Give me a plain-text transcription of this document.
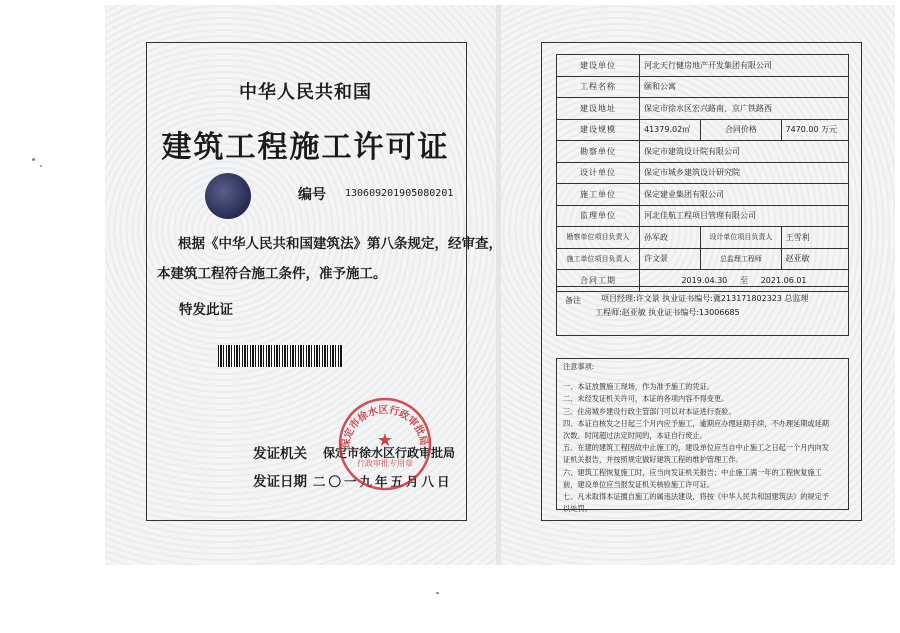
中华人民共和国
建筑工程施工许可证
编号 130609201905080201
根据《中华人民共和国建筑法》第八条规定，经审查，
本建筑工程符合施工条件，准予施工。
特发此证
发证机关 保定市徐水区行政审批局
发证日期 二〇一九年五月八日
保定市徐水区行政审批局
★
行政审批专用章
建设单位	河北天行健房地产开发集团有限公司		
工程名称	颐和公寓		
建设地址	保定市徐水区宏兴路南、京广铁路西		
建设规模	41379.02㎡	合同价格	7470.00 万元
勘察单位	保定市建筑设计院有限公司		
设计单位	保定市城乡建筑设计研究院		
施工单位	保定建业集团有限公司		
监理单位	河北佳航工程项目管理有限公司		
勘察单位项目负责人	孙军政	设计单位项目负责人	王雪利
施工单位项目负责人	许文景	总监理工程师	赵亚敏
合同工期	2019.04.30 至 2021.06.01		
备注	项目经理:许文景 执业证书编号:冀213171802323 总监理
工程师:赵亚敏 执业证书编号:13006685

注意事项:

一、本证放置施工现场，作为准予施工的凭证。

二、未经发证机关许可，本证的各项内容不得变更。

三、住房城乡建设行政主管部门可以对本证进行查验。

四、本证自核发之日起三个月内应予施工，逾期应办理延期手续，不办理延期或延期

次数、时间超过法定时间的，本证自行废止。

五、在建的建筑工程因故中止施工的，建设单位应当自中止施工之日起一个月内向发

证机关报告，并按照规定做好建筑工程的维护管理工作。

六、建筑工程恢复施工时，应当向发证机关报告；中止施工满一年的工程恢复施工

前，建设单位应当报发证机关核验施工许可证。

七、凡未取得本证擅自施工的属违法建设，将按《中华人民共和国建筑法》的规定予

以处罚。
